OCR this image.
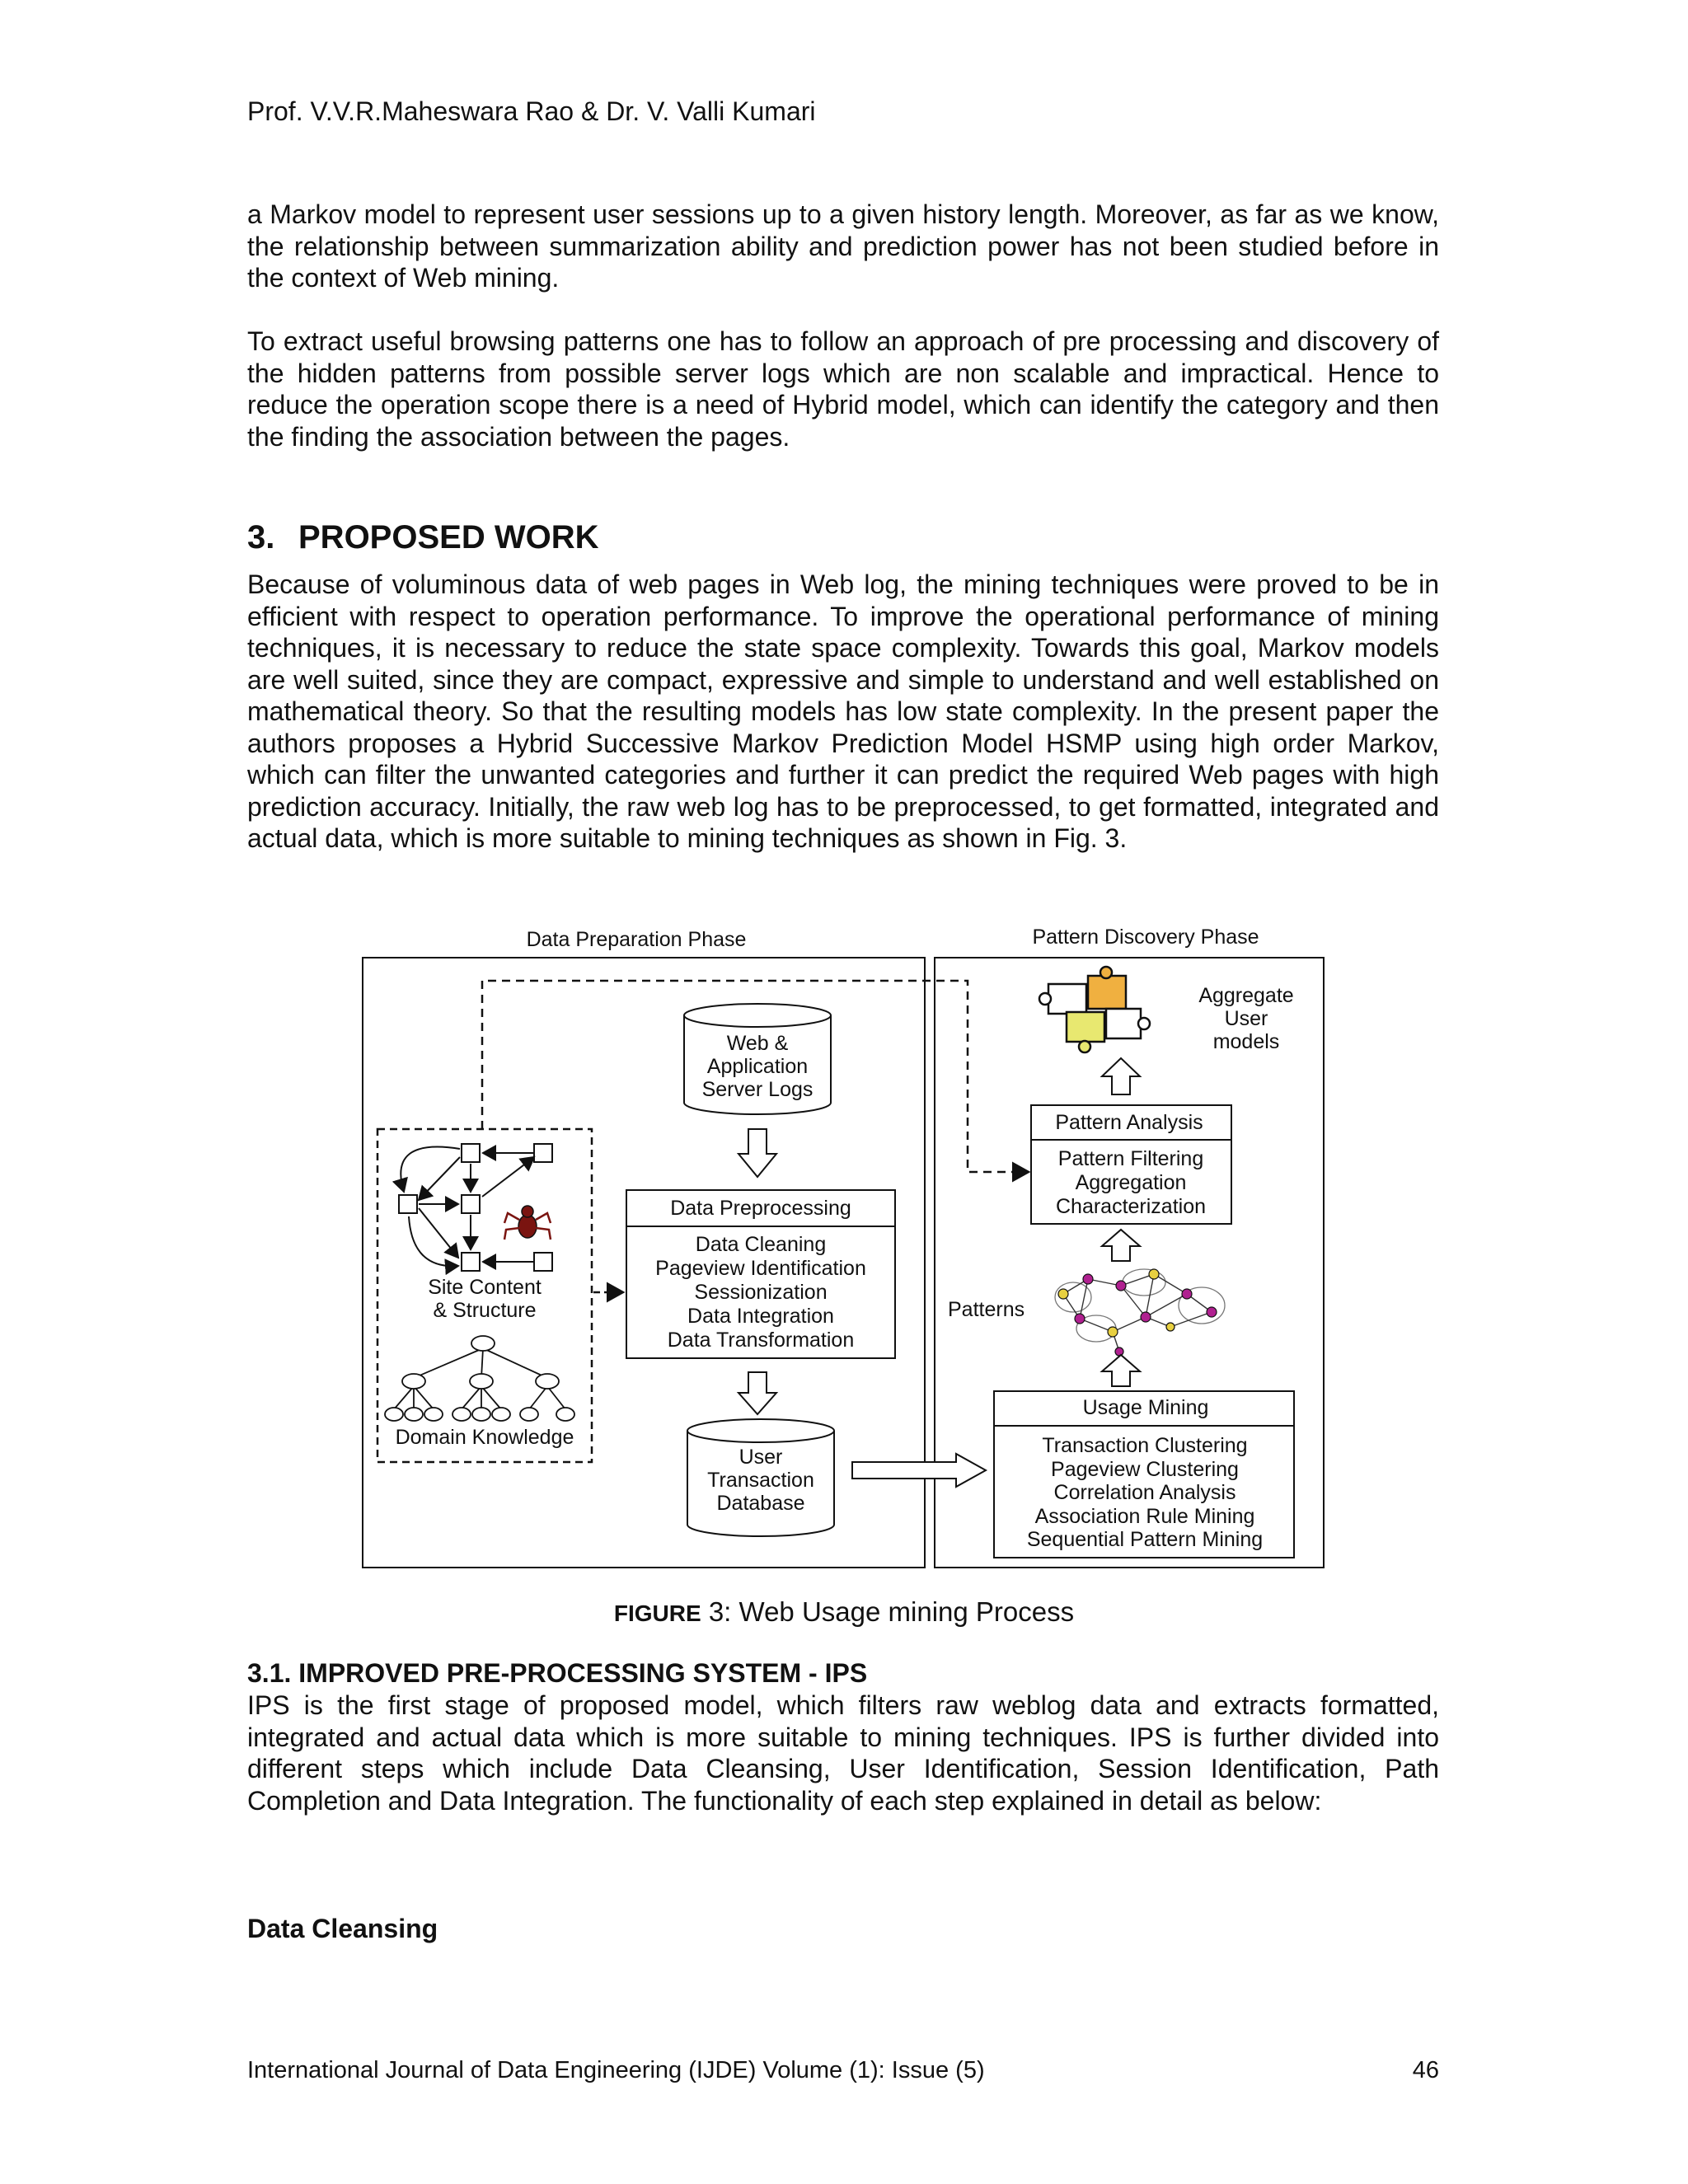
Prof. V.V.R.Maheswara Rao & Dr. V. Valli Kumari

a Markov model to represent user sessions up to a given history length. Moreover, as far as we know, the relationship between summarization ability and prediction power has not been studied before in the context of Web mining.

To extract useful browsing patterns one has to follow an approach of pre processing and discovery of the hidden patterns from possible server logs which are non scalable and impractical. Hence to reduce the operation scope there is a need of Hybrid model, which can identify the category and then the finding the association between the pages.

3. PROPOSED WORK

Because of voluminous data of web pages in Web log, the mining techniques were proved to be in efficient with respect to operation performance. To improve the operational performance of mining techniques, it is necessary to reduce the state space complexity. Towards this goal, Markov models are well suited, since they are compact, expressive and simple to understand and well established on mathematical theory. So that the resulting models has low state complexity. In the present paper the authors proposes a Hybrid Successive Markov Prediction Model HSMP using high order Markov, which can filter the unwanted categories and further it can predict the required Web pages with high prediction accuracy. Initially, the raw web log has to be preprocessed, to get formatted, integrated and actual data, which is more suitable to mining techniques as shown in Fig. 3.

Data Preparation Phase	Pattern Discovery Phase
Web &
Application
Server Logs
Data Preprocessing
Data Cleaning
Pageview Identification
Sessionization
Data Integration
Data Transformation
User
Transaction
Database
Site Content
& Structure
Domain Knowledge
Aggregate
User
models
Pattern Analysis
Pattern Filtering
Aggregation
Characterization
Patterns
Usage Mining
Transaction Clustering
Pageview Clustering
Correlation Analysis
Association Rule Mining
Sequential Pattern Mining
FIGURE 3: Web Usage mining Process
3.1. IMPROVED PRE-PROCESSING SYSTEM - IPS

IPS is the first stage of proposed model, which filters raw weblog data and extracts formatted, integrated and actual data which is more suitable to mining techniques. IPS is further divided into different steps which include Data Cleansing, User Identification, Session Identification, Path Completion and Data Integration. The functionality of each step explained in detail as below:

Data Cleansing
International Journal of Data Engineering (IJDE) Volume (1): Issue (5)	46
